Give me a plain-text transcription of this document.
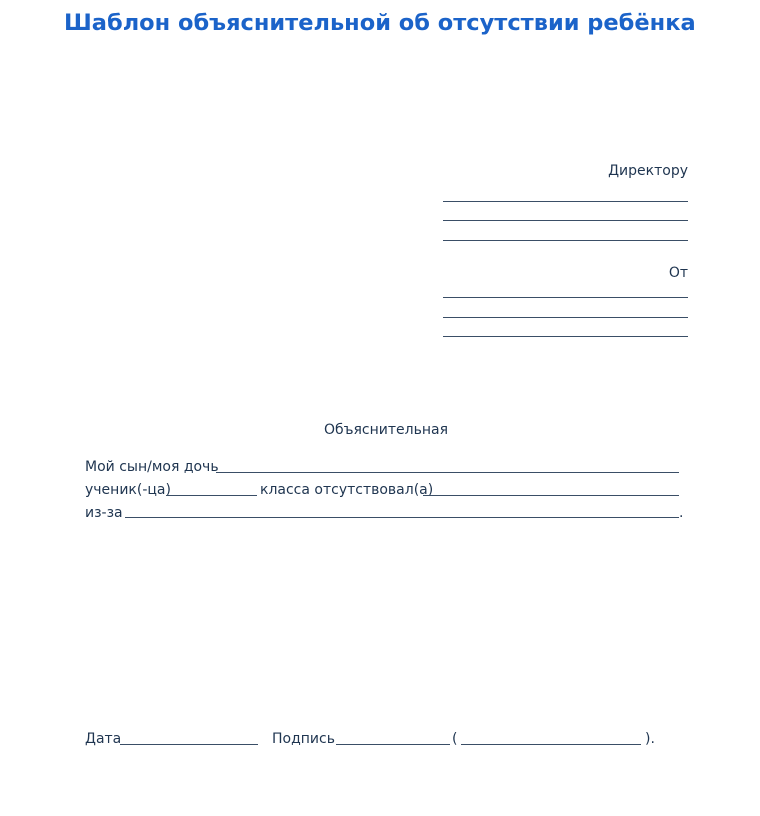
Шаблон объяснительной об отсутствии ребёнка
Директору
От
Объяснительная
Мой сын/моя дочь
ученик(-ца)	класса отсутствовал(а)
из-за	.
Дата	Подпись	(	).
